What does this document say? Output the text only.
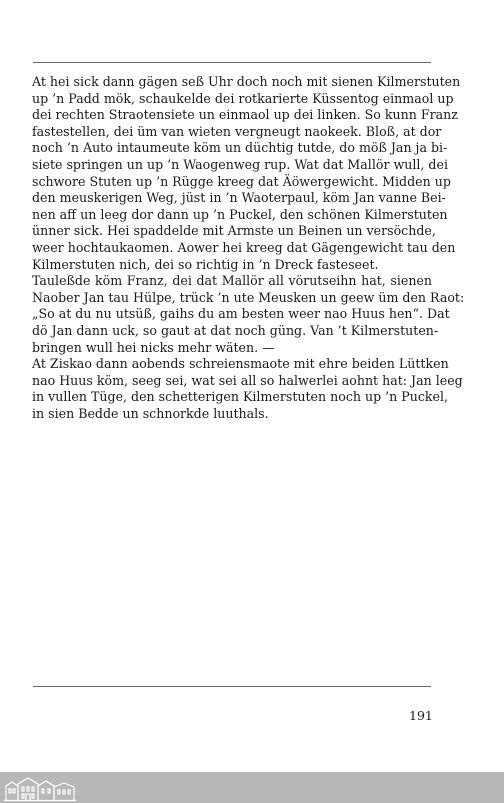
At hei sick dann gägen seß Uhr doch noch mit sienen Kilmerstuten
up ’n Padd mök, schaukelde dei rotkarierte Küssentog einmaol up
dei rechten Straotensiete un einmaol up dei linken. So kunn Franz
fastestellen, dei üm van wieten vergneugt naokeek. Bloß, at dor
noch ’n Auto intaumeute köm un düchtig tutde, do möß Jan ja bi-
siete springen un up ’n Waogenweg rup. Wat dat Mallör wull, dei
schwore Stuten up ’n Rügge kreeg dat Äöwergewicht. Midden up
den meuskerigen Weg, jüst in ’n Waoterpaul, köm Jan vanne Bei-
nen aff un leeg dor dann up ’n Puckel, den schönen Kilmerstuten
ünner sick. Hei spaddelde mit Armste un Beinen un versöchde,
weer hochtaukaomen. Aower hei kreeg dat Gägengewicht tau den
Kilmerstuten nich, dei so richtig in ’n Dreck fasteseet.

Tauleßde köm Franz, dei dat Mallör all vörutseihn hat, sienen
Naober Jan tau Hülpe, trück ’n ute Meusken un geew üm den Raot:
„So at du nu utsüß, gaihs du am besten weer nao Huus hen“. Dat
dö Jan dann uck, so gaut at dat noch güng. Van ’t Kilmerstuten-
bringen wull hei nicks mehr wäten. —

At Ziskao dann aobends schreiensmaote mit ehre beiden Lüttken
nao Huus köm, seeg sei, wat sei all so halwerlei aohnt hat: Jan leeg
in vullen Tüge, den schetterigen Kilmerstuten noch up ’n Puckel,
in sien Bedde un schnorkde luuthals.

191
